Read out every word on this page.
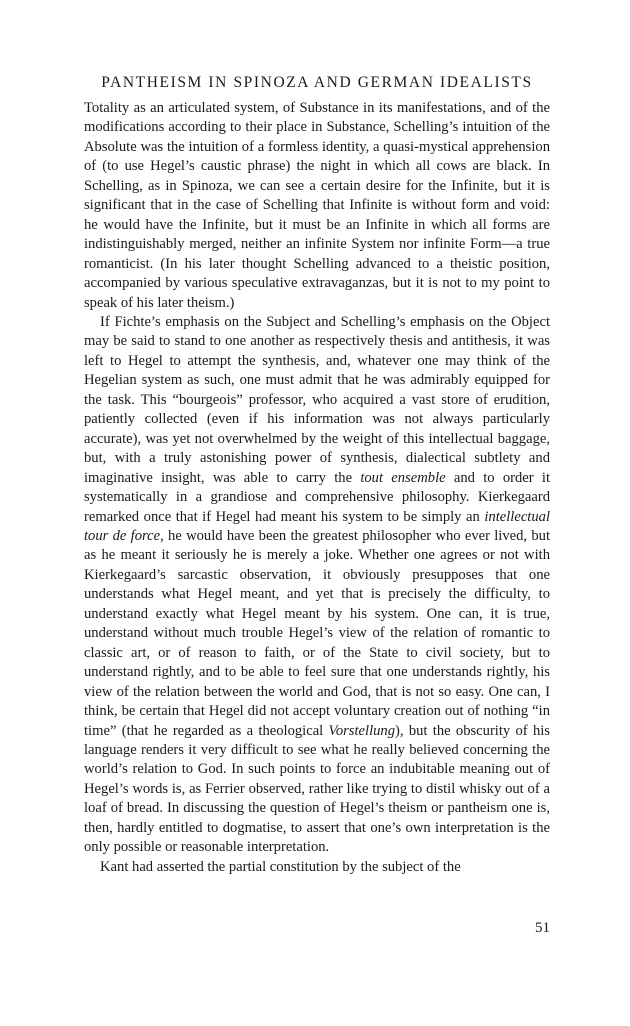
PANTHEISM IN SPINOZA AND GERMAN IDEALISTS

Totality as an articulated system, of Substance in its manifestations, and of the modifications according to their place in Substance, Schelling’s intuition of the Absolute was the intuition of a formless identity, a quasi-mystical apprehension of (to use Hegel’s caustic phrase) the night in which all cows are black. In Schelling, as in Spinoza, we can see a certain desire for the Infinite, but it is significant that in the case of Schelling that Infinite is without form and void: he would have the Infinite, but it must be an Infinite in which all forms are indistinguishably merged, neither an infinite System nor infinite Form—a true romanticist. (In his later thought Schelling advanced to a theistic position, accompanied by various speculative extravaganzas, but it is not to my point to speak of his later theism.)

If Fichte’s emphasis on the Subject and Schelling’s emphasis on the Object may be said to stand to one another as respectively thesis and antithesis, it was left to Hegel to attempt the synthesis, and, whatever one may think of the Hegelian system as such, one must admit that he was admirably equipped for the task. This “bourgeois” professor, who acquired a vast store of erudition, patiently collected (even if his information was not always particularly accurate), was yet not overwhelmed by the weight of this intellectual baggage, but, with a truly astonishing power of synthesis, dialectical subtlety and imaginative insight, was able to carry the tout ensemble and to order it systematically in a grandiose and comprehensive philosophy. Kierkegaard remarked once that if Hegel had meant his system to be simply an intellectual tour de force, he would have been the greatest philosopher who ever lived, but as he meant it seriously he is merely a joke. Whether one agrees or not with Kierkegaard’s sarcastic observation, it obviously presupposes that one understands what Hegel meant, and yet that is precisely the difficulty, to understand exactly what Hegel meant by his system. One can, it is true, understand without much trouble Hegel’s view of the relation of romantic to classic art, or of reason to faith, or of the State to civil society, but to understand rightly, and to be able to feel sure that one understands rightly, his view of the relation between the world and God, that is not so easy. One can, I think, be certain that Hegel did not accept voluntary creation out of nothing “in time” (that he regarded as a theological Vorstellung), but the obscurity of his language renders it very difficult to see what he really believed concerning the world’s relation to God. In such points to force an indubitable meaning out of Hegel’s words is, as Ferrier observed, rather like trying to distil whisky out of a loaf of bread. In discussing the question of Hegel’s theism or pantheism one is, then, hardly entitled to dogmatise, to assert that one’s own interpretation is the only possible or reasonable interpretation.

Kant had asserted the partial constitution by the subject of the

51
